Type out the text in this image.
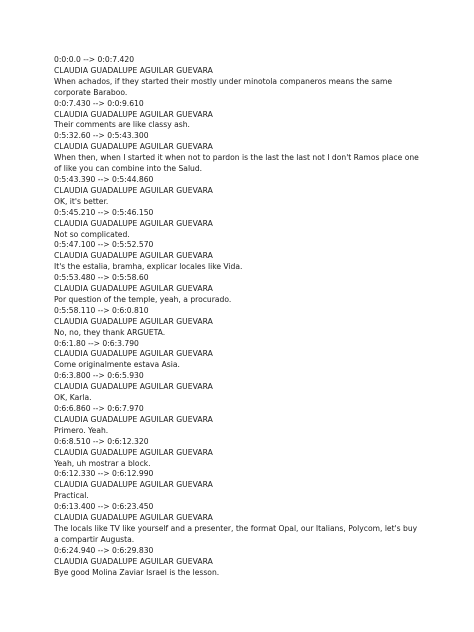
0:0:0.0 --> 0:0:7.420
CLAUDIA GUADALUPE AGUILAR GUEVARA
When achados, if they started their mostly under minotola companeros means the same corporate Baraboo.
0:0:7.430 --> 0:0:9.610
CLAUDIA GUADALUPE AGUILAR GUEVARA
Their comments are like classy ash.
0:5:32.60 --> 0:5:43.300
CLAUDIA GUADALUPE AGUILAR GUEVARA
When then, when I started it when not to pardon is the last the last not I don't Ramos place one of like you can combine into the Salud.
0:5:43.390 --> 0:5:44.860
CLAUDIA GUADALUPE AGUILAR GUEVARA
OK, it's better.
0:5:45.210 --> 0:5:46.150
CLAUDIA GUADALUPE AGUILAR GUEVARA
Not so complicated.
0:5:47.100 --> 0:5:52.570
CLAUDIA GUADALUPE AGUILAR GUEVARA
It's the estalia, bramha, explicar locales like Vida.
0:5:53.480 --> 0:5:58.60
CLAUDIA GUADALUPE AGUILAR GUEVARA
Por question of the temple, yeah, a procurado.
0:5:58.110 --> 0:6:0.810
CLAUDIA GUADALUPE AGUILAR GUEVARA
No, no, they thank ARGUETA.
0:6:1.80 --> 0:6:3.790
CLAUDIA GUADALUPE AGUILAR GUEVARA
Come originalmente estava Asia.
0:6:3.800 --> 0:6:5.930
CLAUDIA GUADALUPE AGUILAR GUEVARA
OK, Karla.
0:6:6.860 --> 0:6:7.970
CLAUDIA GUADALUPE AGUILAR GUEVARA
Primero. Yeah.
0:6:8.510 --> 0:6:12.320
CLAUDIA GUADALUPE AGUILAR GUEVARA
Yeah, uh mostrar a block.
0:6:12.330 --> 0:6:12.990
CLAUDIA GUADALUPE AGUILAR GUEVARA
Practical.
0:6:13.400 --> 0:6:23.450
CLAUDIA GUADALUPE AGUILAR GUEVARA
The locals like TV like yourself and a presenter, the format Opal, our Italians, Polycom, let's buy a compartir Augusta.
0:6:24.940 --> 0:6:29.830
CLAUDIA GUADALUPE AGUILAR GUEVARA
Bye good Molina Zaviar Israel is the lesson.
